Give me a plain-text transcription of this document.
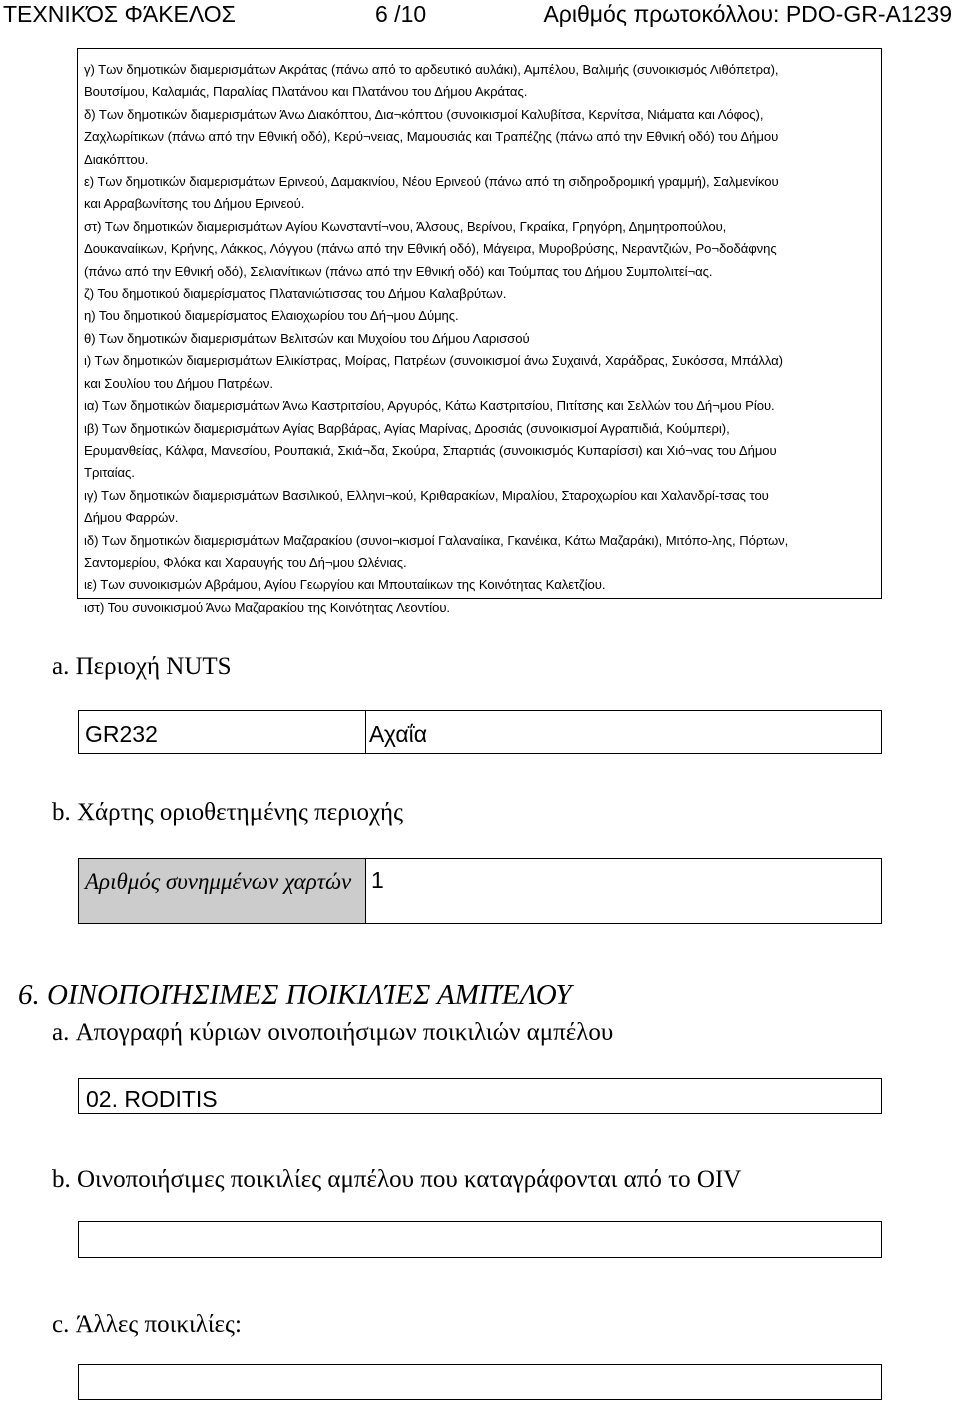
ΤΕΧΝΙΚΌΣ ΦΆΚΕΛΟΣ	6 /10	Αριθμός πρωτοκόλλου: PDO-GR-A1239

γ) Των δημοτικών διαμερισμάτων Ακράτας (πάνω από το αρδευτικό αυλάκι), Αμπέλου, Βαλιμής (συνοικισμός Λιθόπετρα),

Βουτσίμου, Καλαμιάς, Παραλίας Πλατάνου και Πλατάνου του Δήμου Ακράτας.

δ) Των δημοτικών διαμερισμάτων Άνω Διακόπτου, Δια¬κόπτου (συνοικισμοί Καλυβίτσα, Κερνίτσα, Νιάματα και Λόφος),

Ζαχλωρίτικων (πάνω από την Εθνική οδό), Κερύ¬νειας, Μαμουσιάς και Τραπέζης (πάνω από την Εθνική οδό) του Δήμου

Διακόπτου.

ε) Των δημοτικών διαμερισμάτων Ερινεού, Δαμακινίου, Νέου Ερινεού (πάνω από τη σιδηροδρομική γραμμή), Σαλμενίκου

και Αρραβωνίτσης του Δήμου Ερινεού.

στ) Των δημοτικών διαμερισμάτων Αγίου Κωνσταντί¬νου, Άλσους, Βερίνου, Γκραίκα, Γρηγόρη, Δημητροπούλου,

Δουκαναίικων, Κρήνης, Λάκκος, Λόγγου (πάνω από την Εθνική οδό), Μάγειρα, Μυροβρύσης, Νεραντζιών, Ρο¬δοδάφνης

(πάνω από την Εθνική οδό), Σελιανίτικων (πάνω από την Εθνική οδό) και Τούμπας του Δήμου Συμπολιτεί¬ας.

ζ) Του δημοτικού διαμερίσματος Πλατανιώτισσας του Δήμου Καλαβρύτων.

η) Του δημοτικού διαμερίσματος Ελαιοχωρίου του Δή¬μου Δύμης.

θ) Των δημοτικών διαμερισμάτων Βελιτσών και Μυχοίου του Δήμου Λαρισσού

ι) Των δημοτικών διαμερισμάτων Ελικίστρας, Μοίρας, Πατρέων (συνοικισμοί άνω Συχαινά, Χαράδρας, Συκόσσα, Μπάλλα)

και Σουλίου του Δήμου Πατρέων.

ια) Των δημοτικών διαμερισμάτων Άνω Καστριτσίου, Αργυρός, Κάτω Καστριτσίου, Πιτίτσης και Σελλών του Δή¬μου Ρίου.

ιβ) Των δημοτικών διαμερισμάτων Αγίας Βαρβάρας, Αγίας Μαρίνας, Δροσιάς (συνοικισμοί Αγραπιδιά, Κούμπερι),

Ερυμανθείας, Κάλφα, Μανεσίου, Ρουπακιά, Σκιά¬δα, Σκούρα, Σπαρτιάς (συνοικισμός Κυπαρίσσι) και Χιό¬νας του Δήμου

Τριταίας.

ιγ) Των δημοτικών διαμερισμάτων Βασιλικού, Ελληνι¬κού, Κριθαρακίων, Μιραλίου, Σταροχωρίου και Χαλανδρί-τσας του

Δήμου Φαρρών.

ιδ) Των δημοτικών διαμερισμάτων Μαζαρακίου (συνοι¬κισμοί Γαλαναίικα, Γκανέικα, Κάτω Μαζαράκι), Μιτόπο-λης, Πόρτων,

Σαντομερίου, Φλόκα και Χαραυγής του Δή¬μου Ωλένιας.

ιε) Των συνοικισμών Αβράμου, Αγίου Γεωργίου και Μπουταίικων της Κοινότητας Καλετζίου.

ιστ) Του συνοικισμού Άνω Μαζαρακίου της Κοινότητας Λεοντίου.

a. Περιοχή NUTS
GR232	Αχαΐα
b. Χάρτης οριοθετημένης περιοχής
Αριθμός συνημμένων χαρτών	1
6. ΟΙΝΟΠΟΙΉΣΙΜΕΣ ΠΟΙΚΙΛΊΕΣ ΑΜΠΈΛΟΥ
a. Απογραφή κύριων οινοποιήσιμων ποικιλιών αμπέλου
02. RODITIS
b. Οινοποιήσιμες ποικιλίες αμπέλου που καταγράφονται από το OIV
c. Άλλες ποικιλίες:
